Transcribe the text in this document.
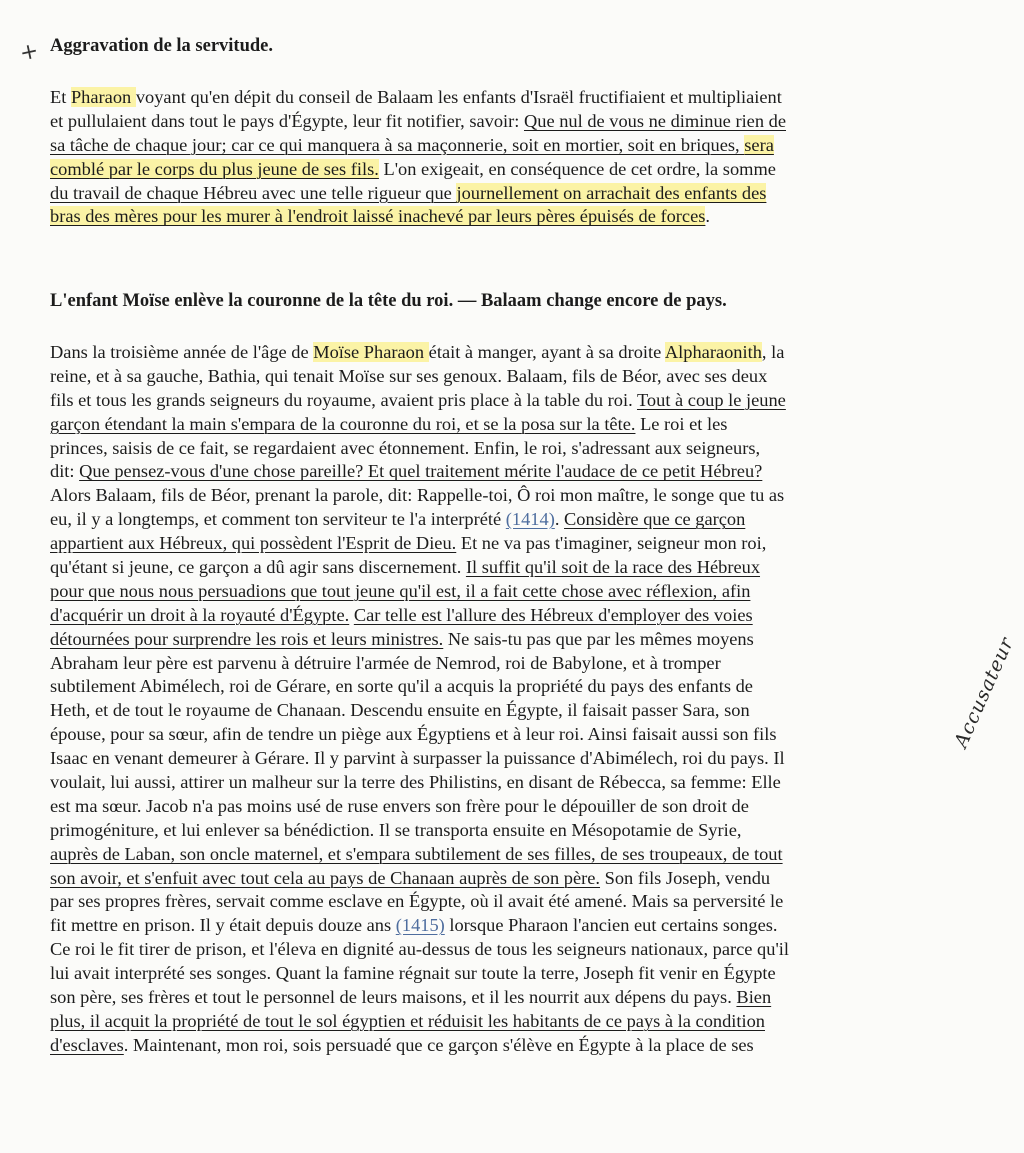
+ Aggravation de la servitude.
Et Pharaon voyant qu'en dépit du conseil de Balaam les enfants d'Israël fructifiaient et multipliaient
et pullulaient dans tout le pays d'Égypte, leur fit notifier, savoir: Que nul de vous ne diminue rien de
sa tâche de chaque jour; car ce qui manquera à sa maçonnerie, soit en mortier, soit en briques, sera
comblé par le corps du plus jeune de ses fils. L'on exigeait, en conséquence de cet ordre, la somme
du travail de chaque Hébreu avec une telle rigueur que journellement on arrachait des enfants des
bras des mères pour les murer à l'endroit laissé inachevé par leurs pères épuisés de forces.
L'enfant Moïse enlève la couronne de la tête du roi. — Balaam change encore de pays.
Dans la troisième année de l'âge de Moïse Pharaon était à manger, ayant à sa droite Alpharaonith, la
reine, et à sa gauche, Bathia, qui tenait Moïse sur ses genoux. Balaam, fils de Béor, avec ses deux
fils et tous les grands seigneurs du royaume, avaient pris place à la table du roi. Tout à coup le jeune
garçon étendant la main s'empara de la couronne du roi, et se la posa sur la tête. Le roi et les
princes, saisis de ce fait, se regardaient avec étonnement. Enfin, le roi, s'adressant aux seigneurs,
dit: Que pensez-vous d'une chose pareille? Et quel traitement mérite l'audace de ce petit Hébreu?
Alors Balaam, fils de Béor, prenant la parole, dit: Rappelle-toi, Ô roi mon maître, le songe que tu as
eu, il y a longtemps, et comment ton serviteur te l'a interprété (1414). Considère que ce garçon
appartient aux Hébreux, qui possèdent l'Esprit de Dieu. Et ne va pas t'imaginer, seigneur mon roi,
qu'étant si jeune, ce garçon a dû agir sans discernement. Il suffit qu'il soit de la race des Hébreux
pour que nous nous persuadions que tout jeune qu'il est, il a fait cette chose avec réflexion, afin
d'acquérir un droit à la royauté d'Égypte. Car telle est l'allure des Hébreux d'employer des voies
détournées pour surprendre les rois et leurs ministres. Ne sais-tu pas que par les mêmes moyens
Abraham leur père est parvenu à détruire l'armée de Nemrod, roi de Babylone, et à tromper
subtilement Abimélech, roi de Gérare, en sorte qu'il a acquis la propriété du pays des enfants de
Heth, et de tout le royaume de Chanaan. Descendu ensuite en Égypte, il faisait passer Sara, son
épouse, pour sa sœur, afin de tendre un piège aux Égyptiens et à leur roi. Ainsi faisait aussi son fils
Isaac en venant demeurer à Gérare. Il y parvint à surpasser la puissance d'Abimélech, roi du pays. Il
voulait, lui aussi, attirer un malheur sur la terre des Philistins, en disant de Rébecca, sa femme: Elle
est ma sœur. Jacob n'a pas moins usé de ruse envers son frère pour le dépouiller de son droit de
primogéniture, et lui enlever sa bénédiction. Il se transporta ensuite en Mésopotamie de Syrie,
auprès de Laban, son oncle maternel, et s'empara subtilement de ses filles, de ses troupeaux, de tout
son avoir, et s'enfuit avec tout cela au pays de Chanaan auprès de son père. Son fils Joseph, vendu
par ses propres frères, servait comme esclave en Égypte, où il avait été amené. Mais sa perversité le
fit mettre en prison. Il y était depuis douze ans (1415) lorsque Pharaon l'ancien eut certains songes.
Ce roi le fit tirer de prison, et l'éleva en dignité au-dessus de tous les seigneurs nationaux, parce qu'il
lui avait interprété ses songes. Quant la famine régnait sur toute la terre, Joseph fit venir en Égypte
son père, ses frères et tout le personnel de leurs maisons, et il les nourrit aux dépens du pays. Bien
plus, il acquit la propriété de tout le sol égyptien et réduisit les habitants de ce pays à la condition
d'esclaves. Maintenant, mon roi, sois persuadé que ce garçon s'élève en Égypte à la place de ses
Accusateur
